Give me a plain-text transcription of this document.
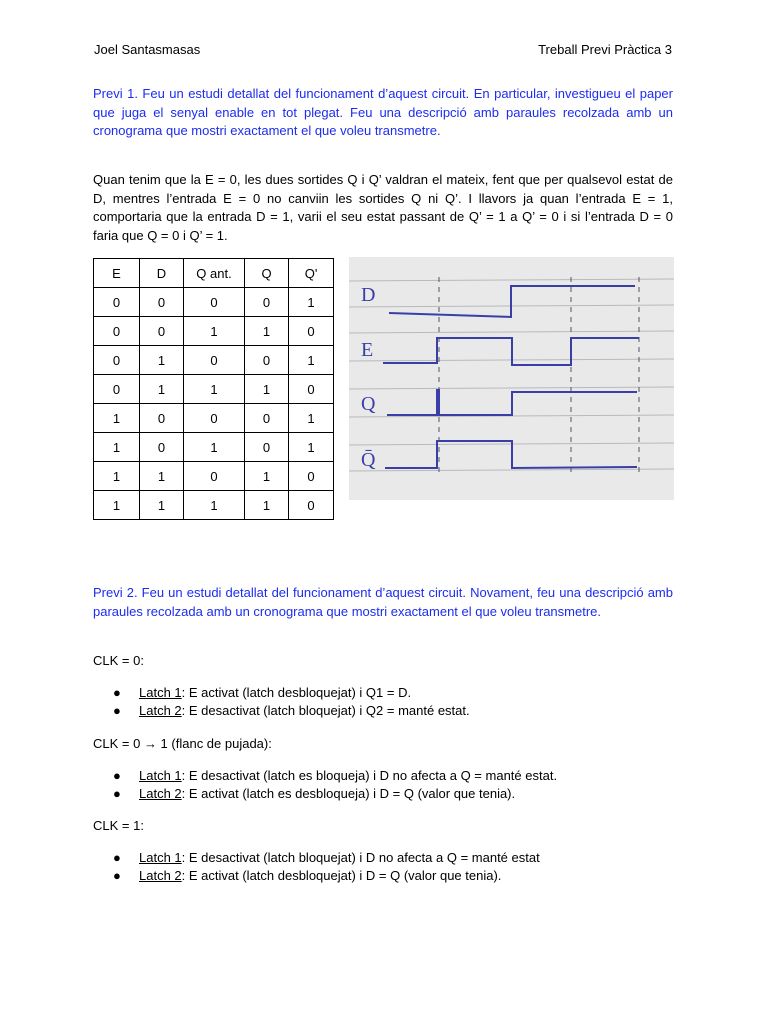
Joel Santasmasas	Treball Previ Pràctica 3
Previ 1. Feu un estudi detallat del funcionament d’aquest circuit. En particular, investigueu el paper que juga el senyal enable en tot plegat. Feu una descripció amb paraules recolzada amb un cronograma que mostri exactament el que voleu transmetre.
Quan tenim que la E = 0, les dues sortides Q i Q’ valdran el mateix, fent que per qualsevol estat de D, mentres l’entrada E = 0 no canviin les sortides Q ni Q’. I llavors ja quan l’entrada E = 1, comportaria que la entrada D = 1, varii el seu estat passant de Q’ = 1 a Q’ = 0 i si l’entrada D = 0 faria que Q = 0 i Q’ = 1.
E	D	Q ant.	Q	Q'
0	0	0	0	1
0	0	1	1	0
0	1	0	0	1
0	1	1	1	0
1	0	0	0	1
1	0	1	0	1
1	1	0	1	0
1	1	1	1	0
D
E
Q
Q̄
Previ 2. Feu un estudi detallat del funcionament d’aquest circuit. Novament, feu una descripció amb paraules recolzada amb un cronograma que mostri exactament el que voleu transmetre.
CLK = 0:
● Latch 1: E activat (latch desbloquejat) i Q1 = D.
● Latch 2: E desactivat (latch bloquejat) i Q2 = manté estat.
CLK = 0 → 1 (flanc de pujada):
● Latch 1: E desactivat (latch es bloqueja) i D no afecta a Q = manté estat.
● Latch 2: E activat (latch es desbloqueja) i D = Q (valor que tenia).
CLK = 1:
● Latch 1: E desactivat (latch bloquejat) i D no afecta a Q = manté estat
● Latch 2: E activat (latch desbloquejat) i D = Q (valor que tenia).
